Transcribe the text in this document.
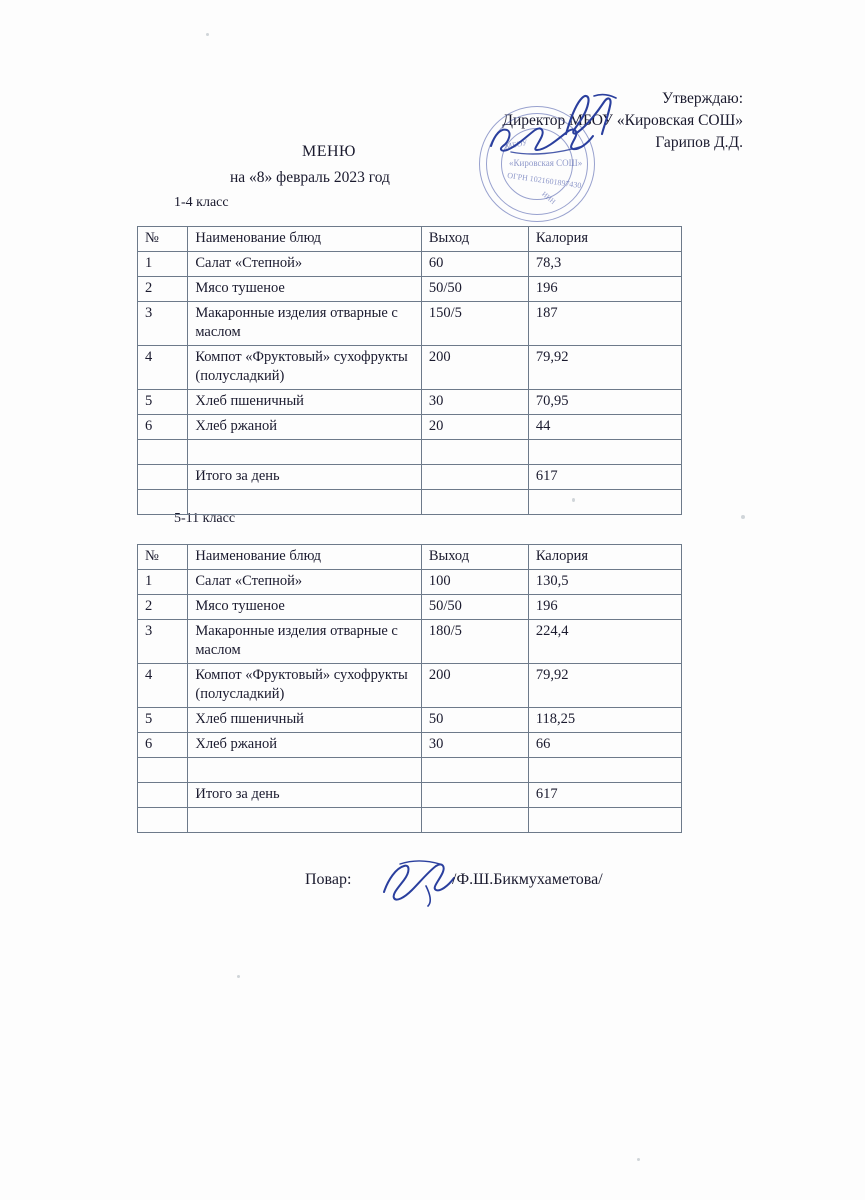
Утверждаю:
Директор МБОУ «Кировская СОШ»
Гарипов Д.Д.
МБОУ
«Кировская СОШ»
ОГРН 1021601897430
ИНН
МЕНЮ
на «8» февраль 2023 год
1-4 класс
5-11 класс
№	Наименование блюд	Выход	Калория
1	Салат «Степной»	60	78,3
2	Мясо тушеное	50/50	196
3	Макаронные изделия отварные с маслом	150/5	187
4	Компот «Фруктовый» сухофрукты (полусладкий)	200	79,92
5	Хлеб пшеничный	30	70,95
6	Хлеб ржаной	20	44

	Итого за день		617

№	Наименование блюд	Выход	Калория
1	Салат «Степной»	100	130,5
2	Мясо тушеное	50/50	196
3	Макаронные изделия отварные с маслом	180/5	224,4
4	Компот «Фруктовый» сухофрукты (полусладкий)	200	79,92
5	Хлеб пшеничный	50	118,25
6	Хлеб ржаной	30	66

	Итого за день		617

Повар:	/Ф.Ш.Бикмухаметова/
